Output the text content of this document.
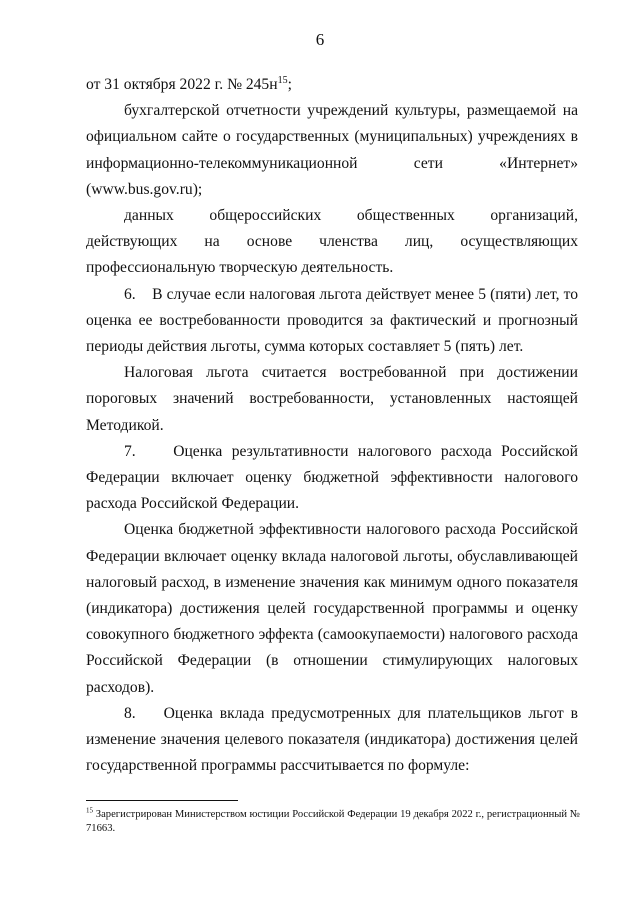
6

от 31 октября 2022 г. № $245н^{15}$;

бухгалтерской отчетности учреждений культуры, размещаемой на официальном сайте о государственных (муниципальных) учреждениях в информационно-телекоммуникационной сети «Интернет» (www.bus.gov.ru);

данных общероссийских общественных организаций, действующих на основе членства лиц, осуществляющих профессиональную творческую деятельность.

6.    В случае если налоговая льгота действует менее 5 (пяти) лет, то оценка ее востребованности проводится за фактический и прогнозный периоды действия льготы, сумма которых составляет 5 (пять) лет.

Налоговая льгота считается востребованной при достижении пороговых значений востребованности, установленных настоящей Методикой.

7.    Оценка результативности налогового расхода Российской Федерации включает оценку бюджетной эффективности налогового расхода Российской Федерации.

Оценка бюджетной эффективности налогового расхода Российской Федерации включает оценку вклада налоговой льготы, обуславливающей налоговый расход, в изменение значения как минимум одного показателя (индикатора) достижения целей государственной программы и оценку совокупного бюджетного эффекта (самоокупаемости) налогового расхода Российской Федерации (в отношении стимулирующих налоговых расходов).

8.    Оценка вклада предусмотренных для плательщиков льгот в изменение значения целевого показателя (индикатора) достижения целей государственной программы рассчитывается по формуле:

$^{15}$ Зарегистрирован Министерством юстиции Российской Федерации 19 декабря 2022 г., регистрационный № 71663.
